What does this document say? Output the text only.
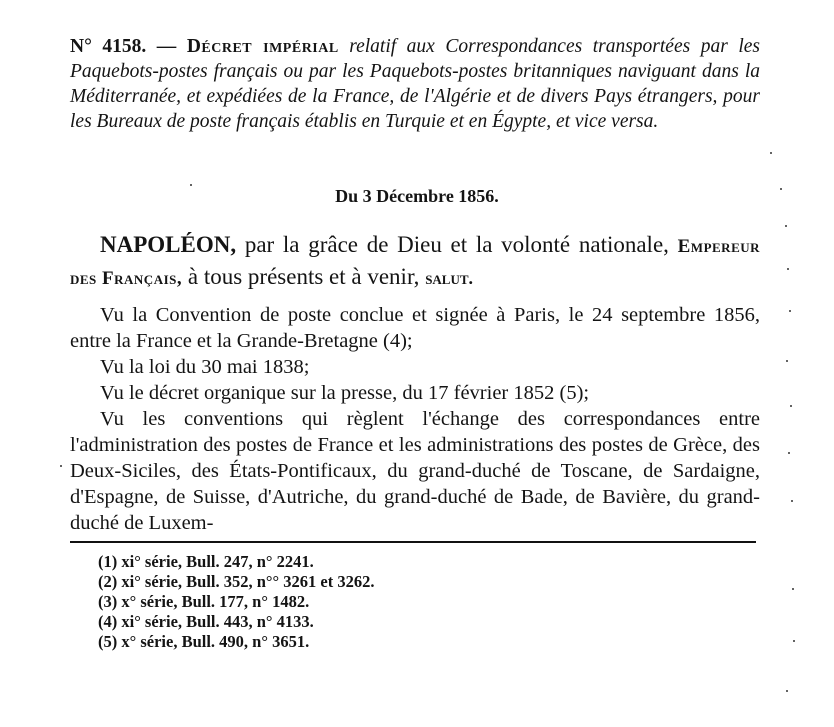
N° 4158. — Décret impérial relatif aux Correspondances transportées par les Paquebots-postes français ou par les Paquebots-postes britanniques naviguant dans la Méditerranée, et expédiées de la France, de l'Algérie et de divers Pays étrangers, pour les Bureaux de poste français établis en Turquie et en Égypte, et vice versa.
Du 3 Décembre 1856.

NAPOLÉON, par la grâce de Dieu et la volonté nationale, Empereur des Français, à tous présents et à venir, salut.

Vu la Convention de poste conclue et signée à Paris, le 24 septembre 1856, entre la France et la Grande-Bretagne (4);

Vu la loi du 30 mai 1838;

Vu le décret organique sur la presse, du 17 février 1852 (5);

Vu les conventions qui règlent l'échange des correspondances entre l'administration des postes de France et les administrations des postes de Grèce, des Deux-Siciles, des États-Pontificaux, du grand-duché de Toscane, de Sardaigne, d'Espagne, de Suisse, d'Autriche, du grand-duché de Bade, de Bavière, du grand-duché de Luxem-

(1) xi° série, Bull. 247, n° 2241.
(2) xi° série, Bull. 352, n°° 3261 et 3262.
(3) x° série, Bull. 177, n° 1482.
(4) xi° série, Bull. 443, n° 4133.
(5) x° série, Bull. 490, n° 3651.
